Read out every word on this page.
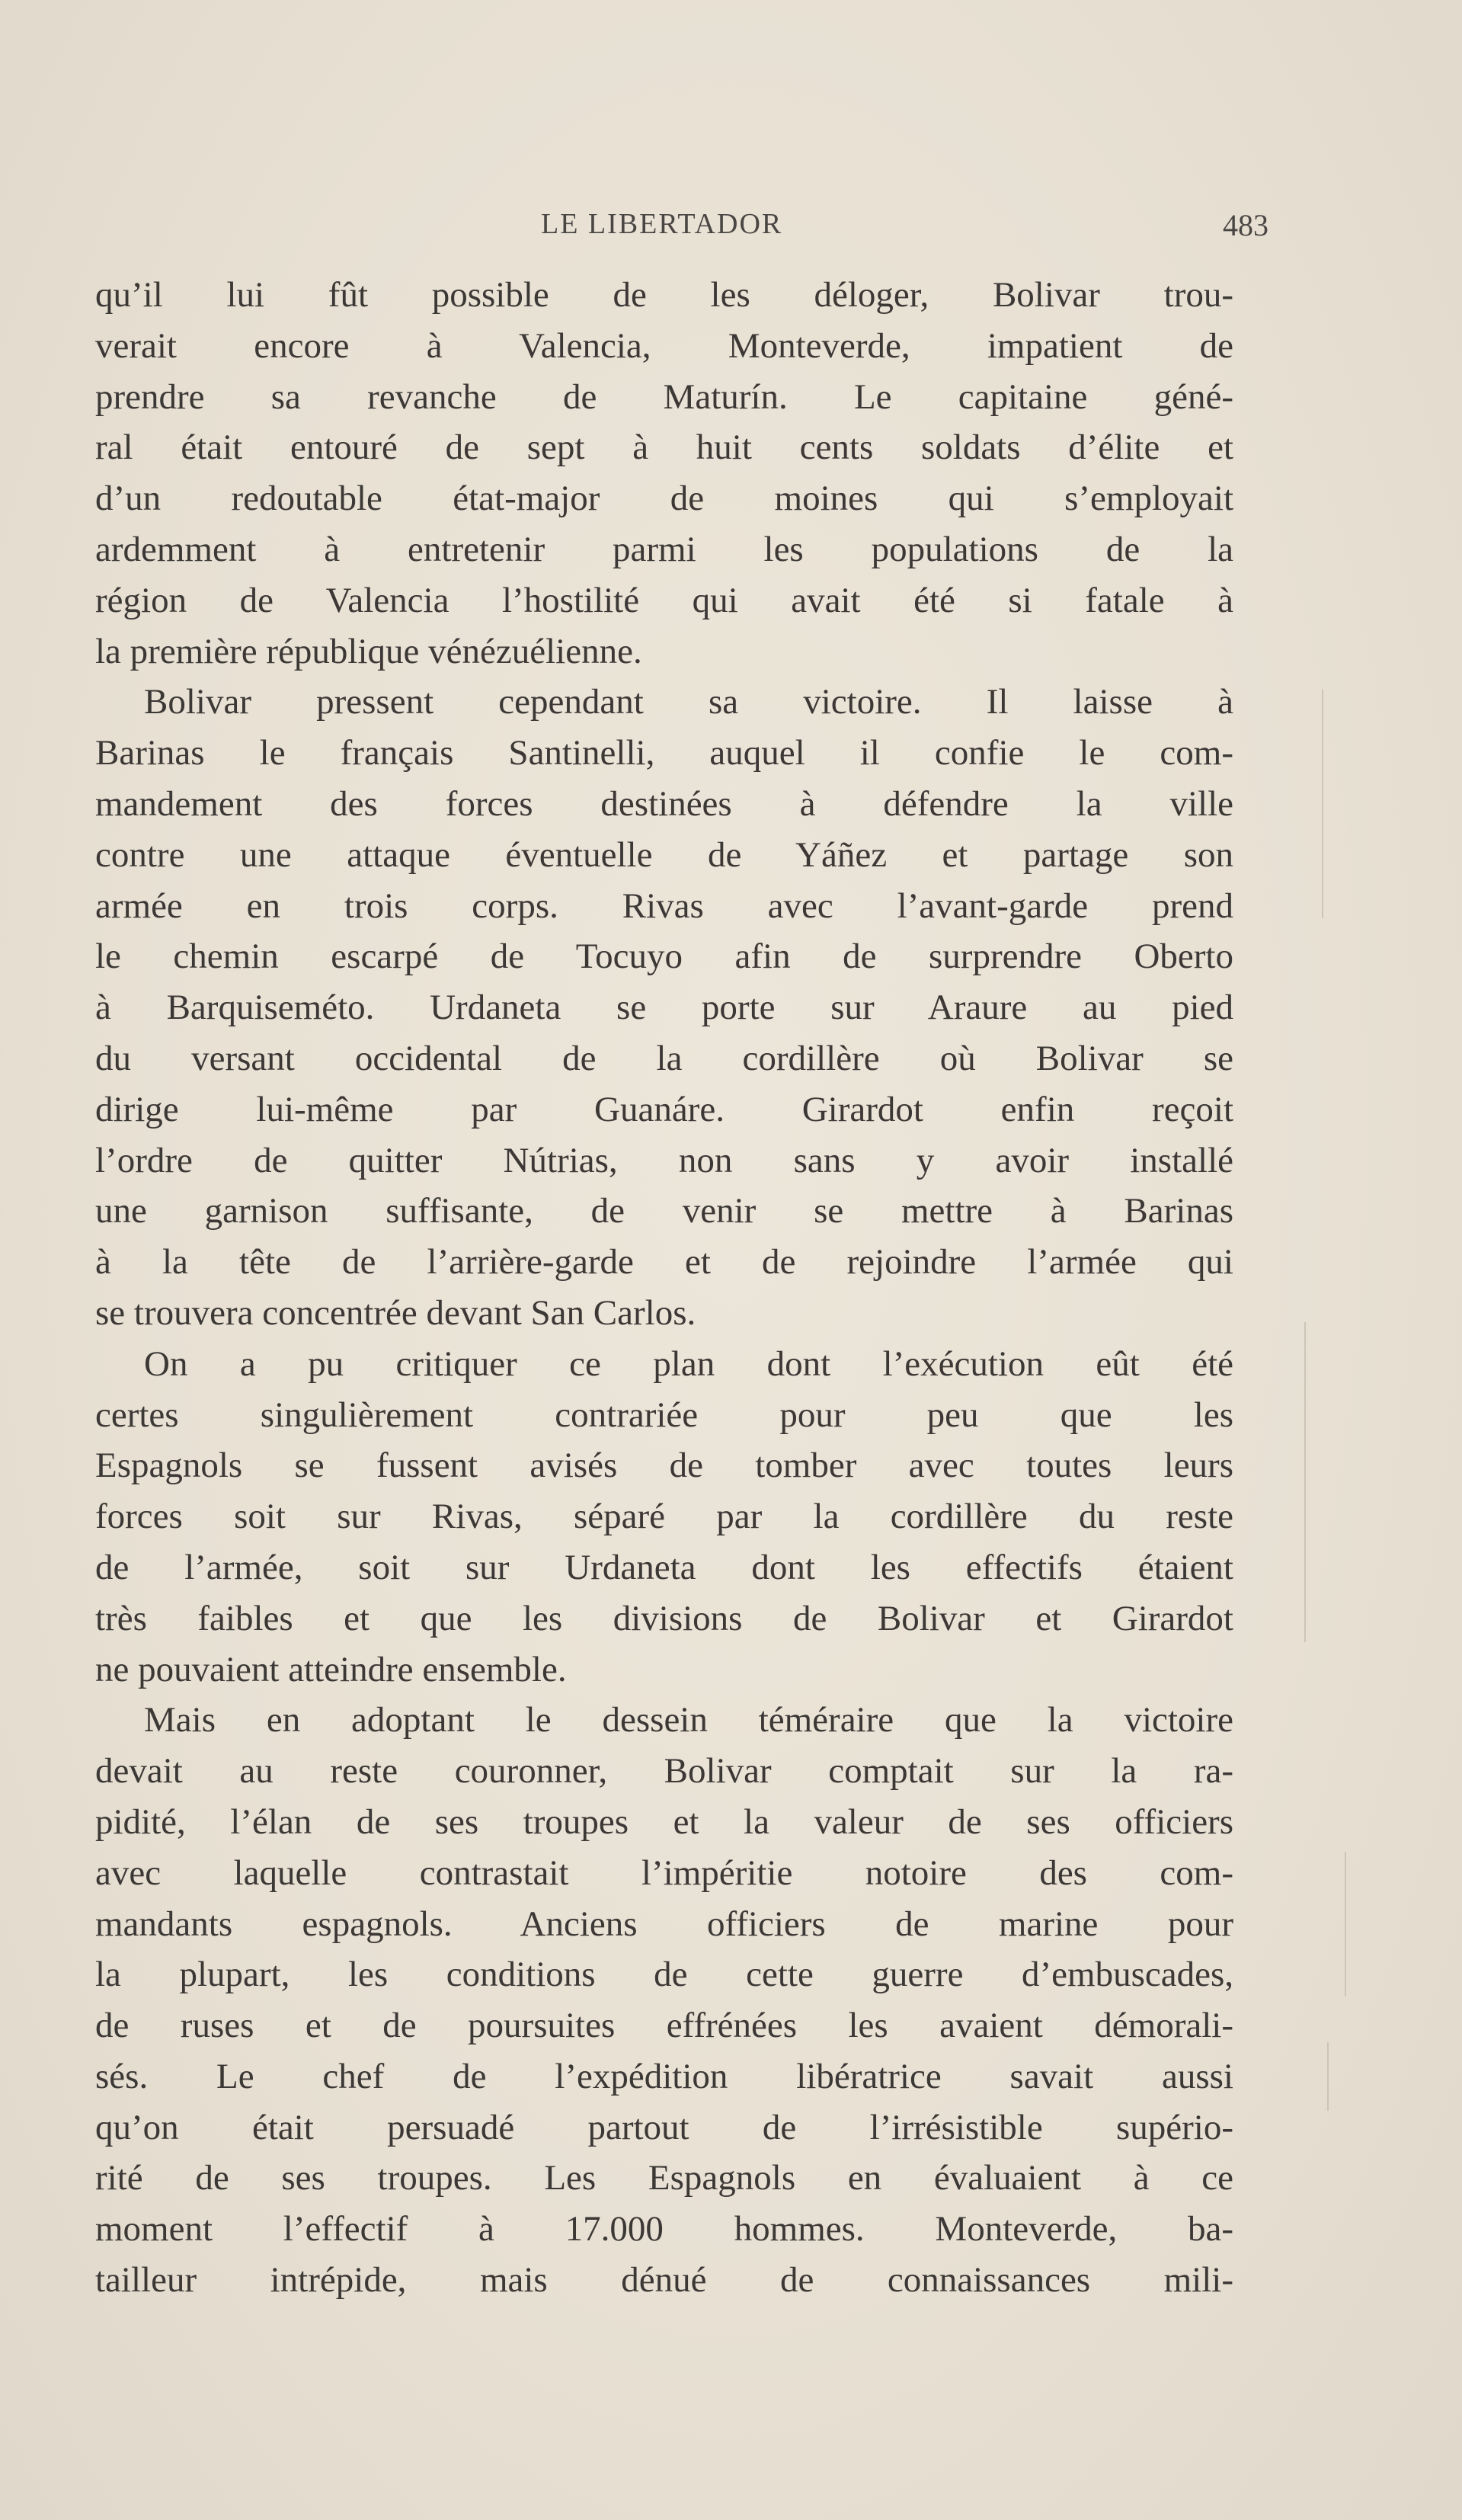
LE LIBERTADOR	483
qu’il lui fût possible de les déloger, Bolivar trou-
verait encore à Valencia, Monteverde, impatient de
prendre sa revanche de Maturín. Le capitaine géné-
ral était entouré de sept à huit cents soldats d’élite et
d’un redoutable état-major de moines qui s’employait
ardemment à entretenir parmi les populations de la
région de Valencia l’hostilité qui avait été si fatale à
la première république vénézuélienne.
Bolivar pressent cependant sa victoire. Il laisse à
Barinas le français Santinelli, auquel il confie le com-
mandement des forces destinées à défendre la ville
contre une attaque éventuelle de Yáñez et partage son
armée en trois corps. Rivas avec l’avant-garde prend
le chemin escarpé de Tocuyo afin de surprendre Oberto
à Barquiseméto. Urdaneta se porte sur Araure au pied
du versant occidental de la cordillère où Bolivar se
dirige lui-même par Guanáre. Girardot enfin reçoit
l’ordre de quitter Nútrias, non sans y avoir installé
une garnison suffisante, de venir se mettre à Barinas
à la tête de l’arrière-garde et de rejoindre l’armée qui
se trouvera concentrée devant San Carlos.
On a pu critiquer ce plan dont l’exécution eût été
certes singulièrement contrariée pour peu que les
Espagnols se fussent avisés de tomber avec toutes leurs
forces soit sur Rivas, séparé par la cordillère du reste
de l’armée, soit sur Urdaneta dont les effectifs étaient
très faibles et que les divisions de Bolivar et Girardot
ne pouvaient atteindre ensemble.
Mais en adoptant le dessein téméraire que la victoire
devait au reste couronner, Bolivar comptait sur la ra-
pidité, l’élan de ses troupes et la valeur de ses officiers
avec laquelle contrastait l’impéritie notoire des com-
mandants espagnols. Anciens officiers de marine pour
la plupart, les conditions de cette guerre d’embuscades,
de ruses et de poursuites effrénées les avaient démorali-
sés. Le chef de l’expédition libératrice savait aussi
qu’on était persuadé partout de l’irrésistible supério-
rité de ses troupes. Les Espagnols en évaluaient à ce
moment l’effectif à 17.000 hommes. Monteverde, ba-
tailleur intrépide, mais dénué de connaissances mili-
